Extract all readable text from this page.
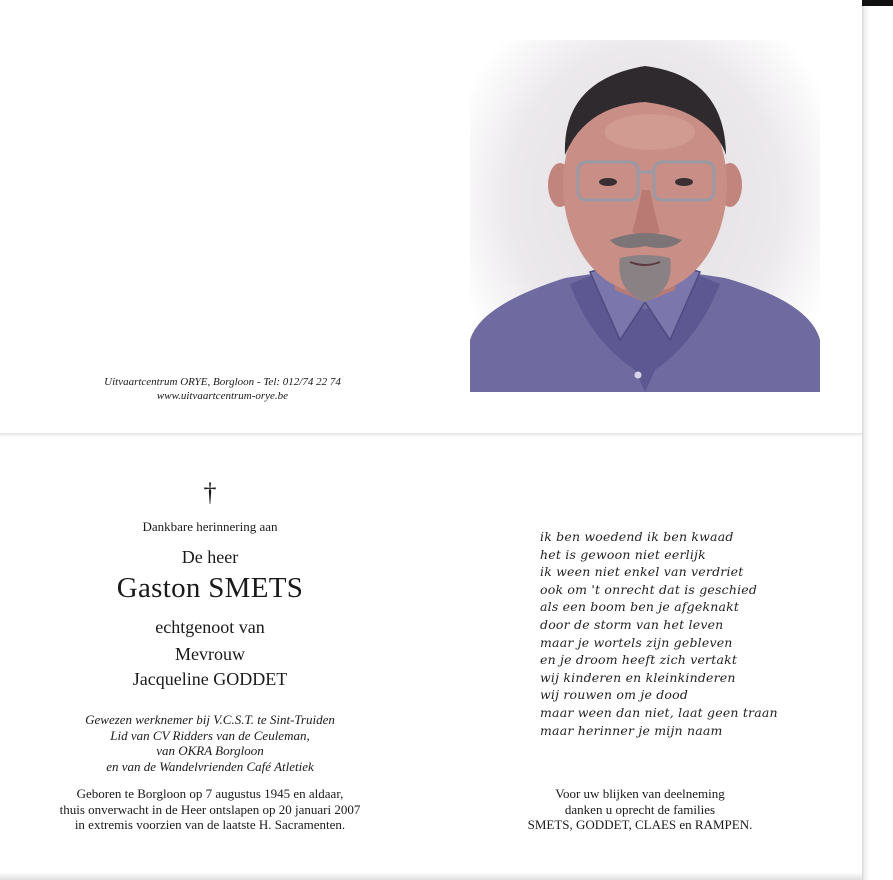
Uitvaartcentrum ORYE, Borgloon - Tel: 012/74 22 74
www.uitvaartcentrum-orye.be
†
Dankbare herinnering aan
De heer
Gaston SMETS
echtgenoot van
Mevrouw
Jacqueline GODDET
Gewezen werknemer bij V.C.S.T. te Sint-Truiden
Lid van CV Ridders van de Ceuleman,
van OKRA Borgloon
en van de Wandelvrienden Café Atletiek
Geboren te Borgloon op 7 augustus 1945 en aldaar,
thuis onverwacht in de Heer ontslapen op 20 januari 2007
in extremis voorzien van de laatste H. Sacramenten.
ik ben woedend ik ben kwaad
het is gewoon niet eerlijk
ik ween niet enkel van verdriet
ook om 't onrecht dat is geschied
als een boom ben je afgeknakt
door de storm van het leven
maar je wortels zijn gebleven
en je droom heeft zich vertakt
wij kinderen en kleinkinderen
wij rouwen om je dood
maar ween dan niet, laat geen traan
maar herinner je mijn naam
Voor uw blijken van deelneming
danken u oprecht de families
SMETS, GODDET, CLAES en RAMPEN.
